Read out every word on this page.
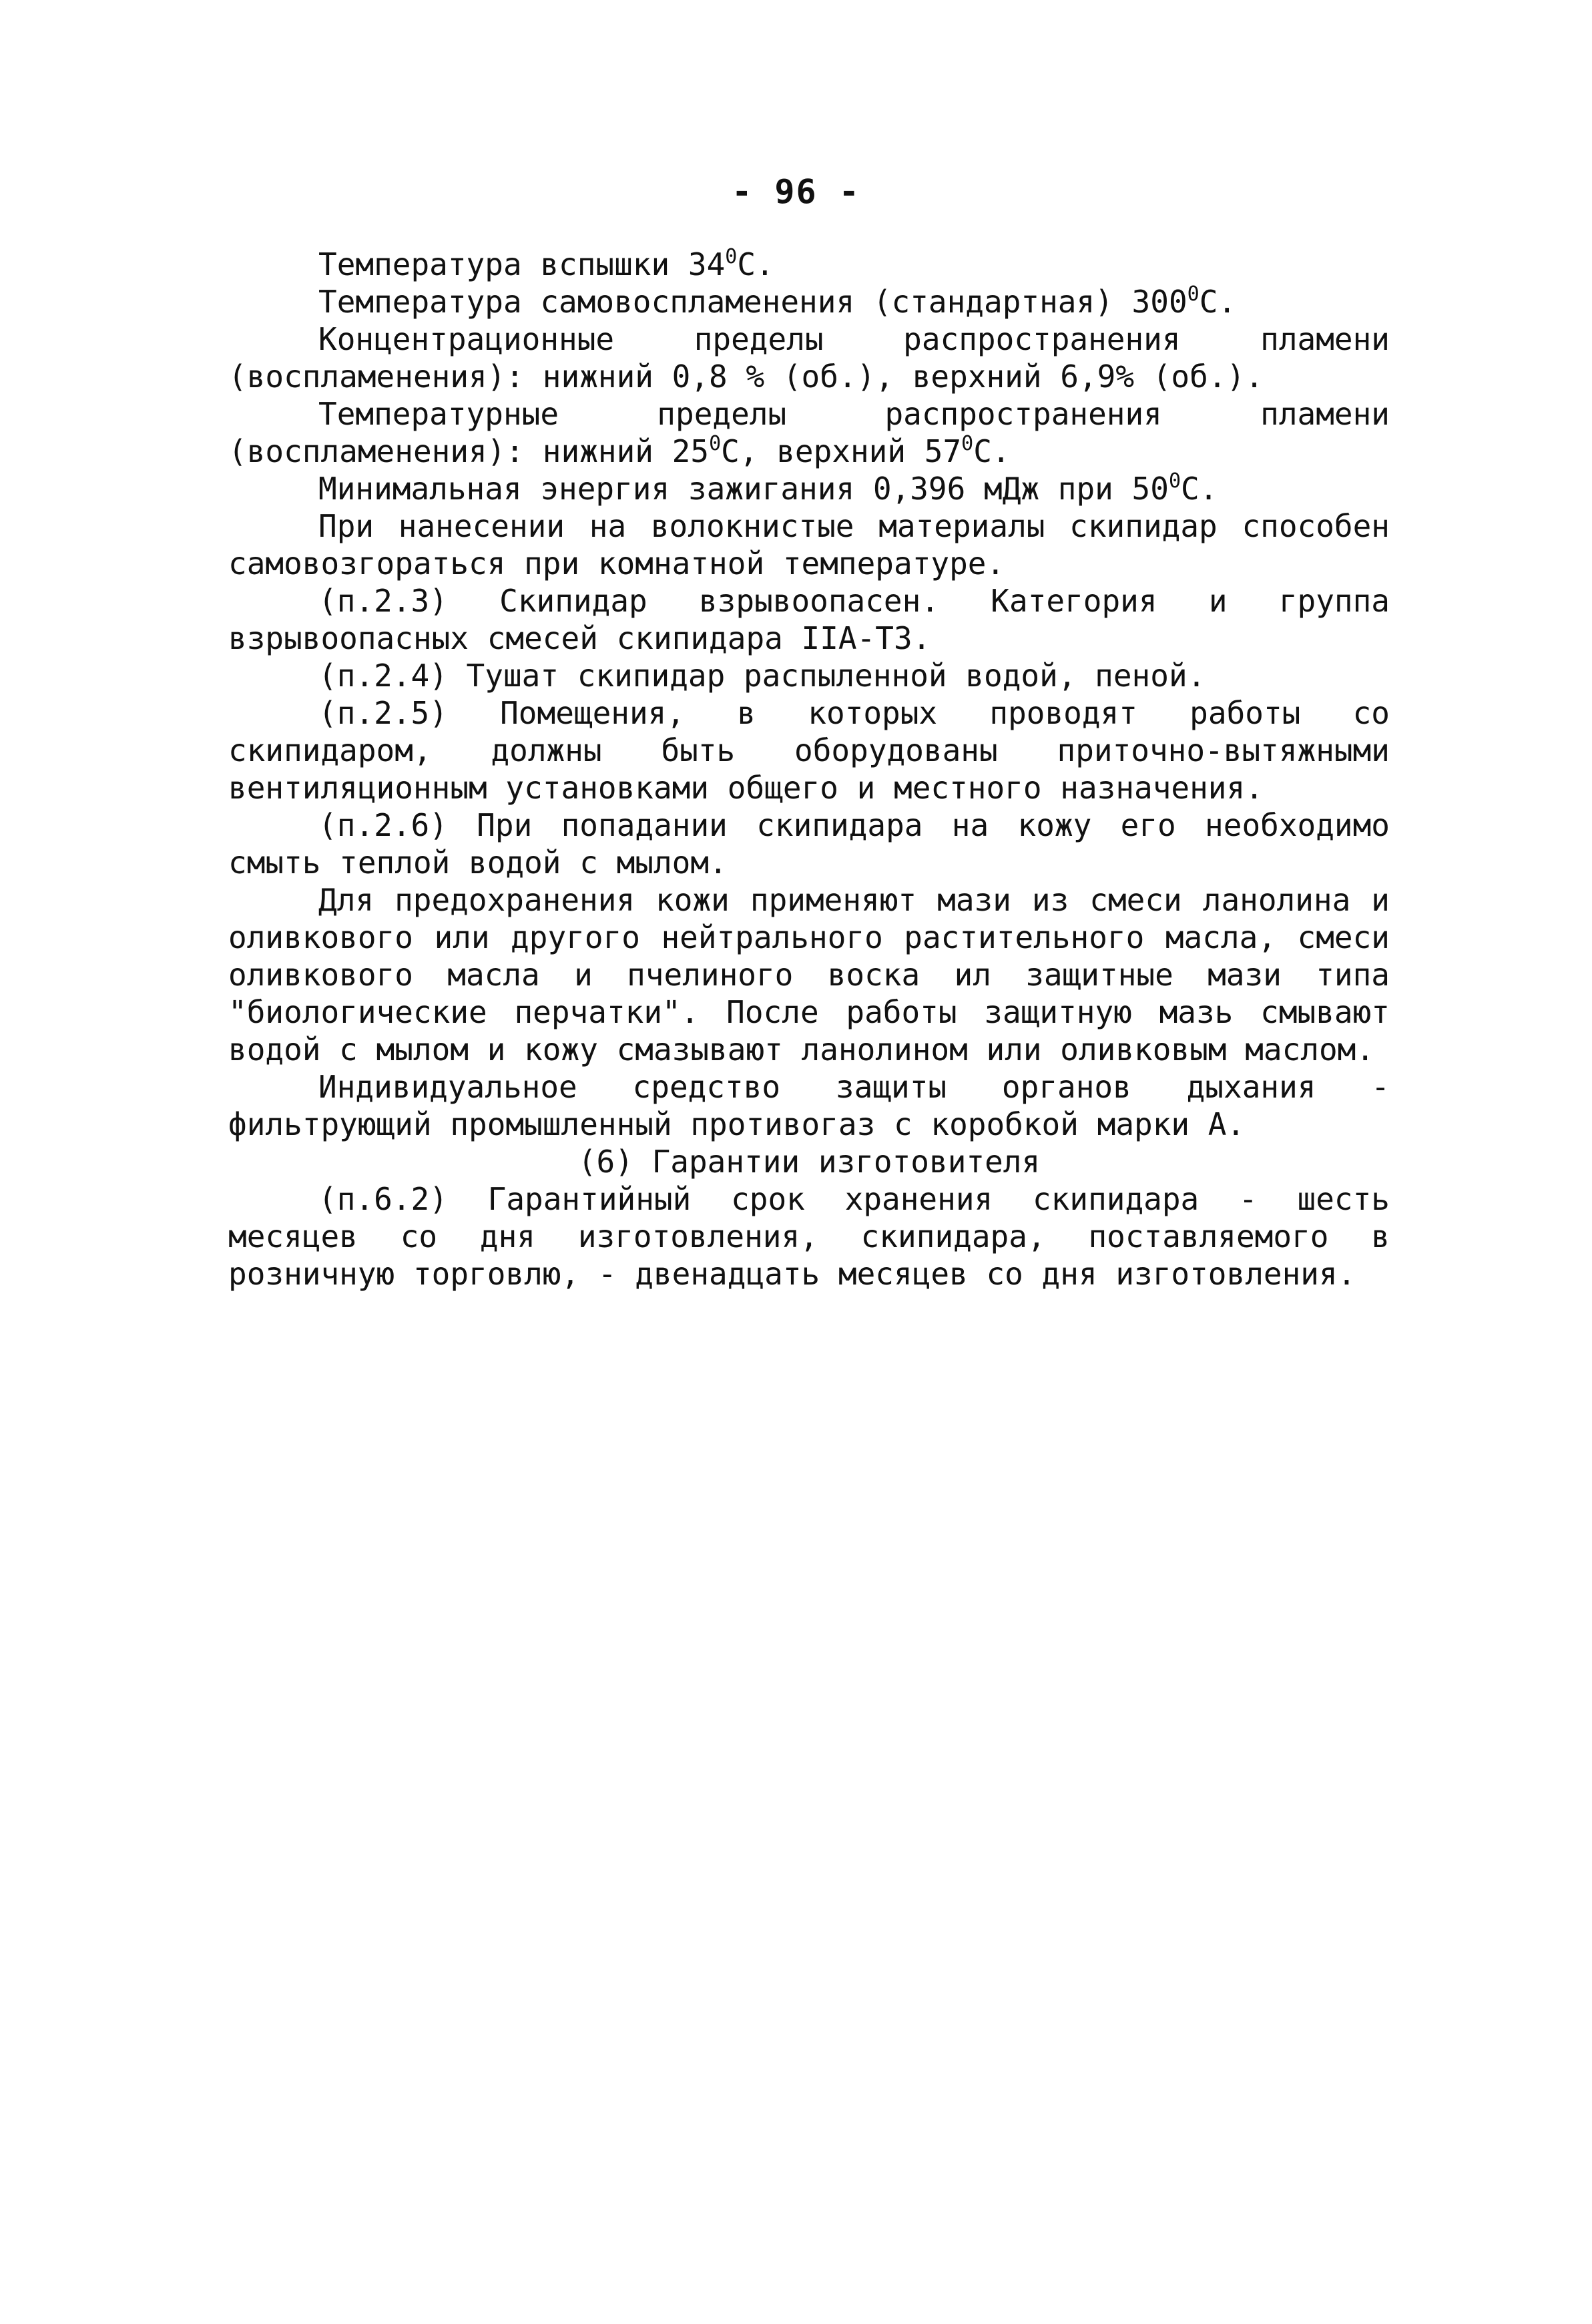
- 96 -

Температура вспышки $34^0С$.

Температура самовоспламенения (стандартная) $300^0С$.

Концентрационные пределы распространения пламени (воспламенения): нижний 0,8 % (об.), верхний 6,9% (об.).

Температурные пределы распространения пламени (воспламенения): нижний $25^0С$, верхний $57^0С$.

Минимальная энергия зажигания 0,396 мДж при $50^0С$.

При нанесении на волокнистые материалы скипидар способен самовозгораться при комнатной температуре.

(п.2.3) Скипидар взрывоопасен. Категория и группа взрывоопасных смесей скипидара IIА-Т3.

(п.2.4) Тушат скипидар распыленной водой, пеной.

(п.2.5) Помещения, в которых проводят работы со скипидаром, должны быть оборудованы приточно-вытяжными вентиляционным установками общего и местного назначения.

(п.2.6) При попадании скипидара на кожу его необходимо смыть теплой водой с мылом.

Для предохранения кожи применяют мази из смеси ланолина и оливкового или другого нейтрального растительного масла, смеси оливкового масла и пчелиного воска ил защитные мази типа "биологические перчатки". После работы защитную мазь смывают водой с мылом и кожу смазывают ланолином или оливковым маслом.

Индивидуальное средство защиты органов дыхания - фильтрующий промышленный противогаз с коробкой марки А.

(6) Гарантии изготовителя

(п.6.2) Гарантийный срок хранения скипидара - шесть месяцев со дня изготовления, скипидара, поставляемого в розничную торговлю, - двенадцать месяцев со дня изготовления.
